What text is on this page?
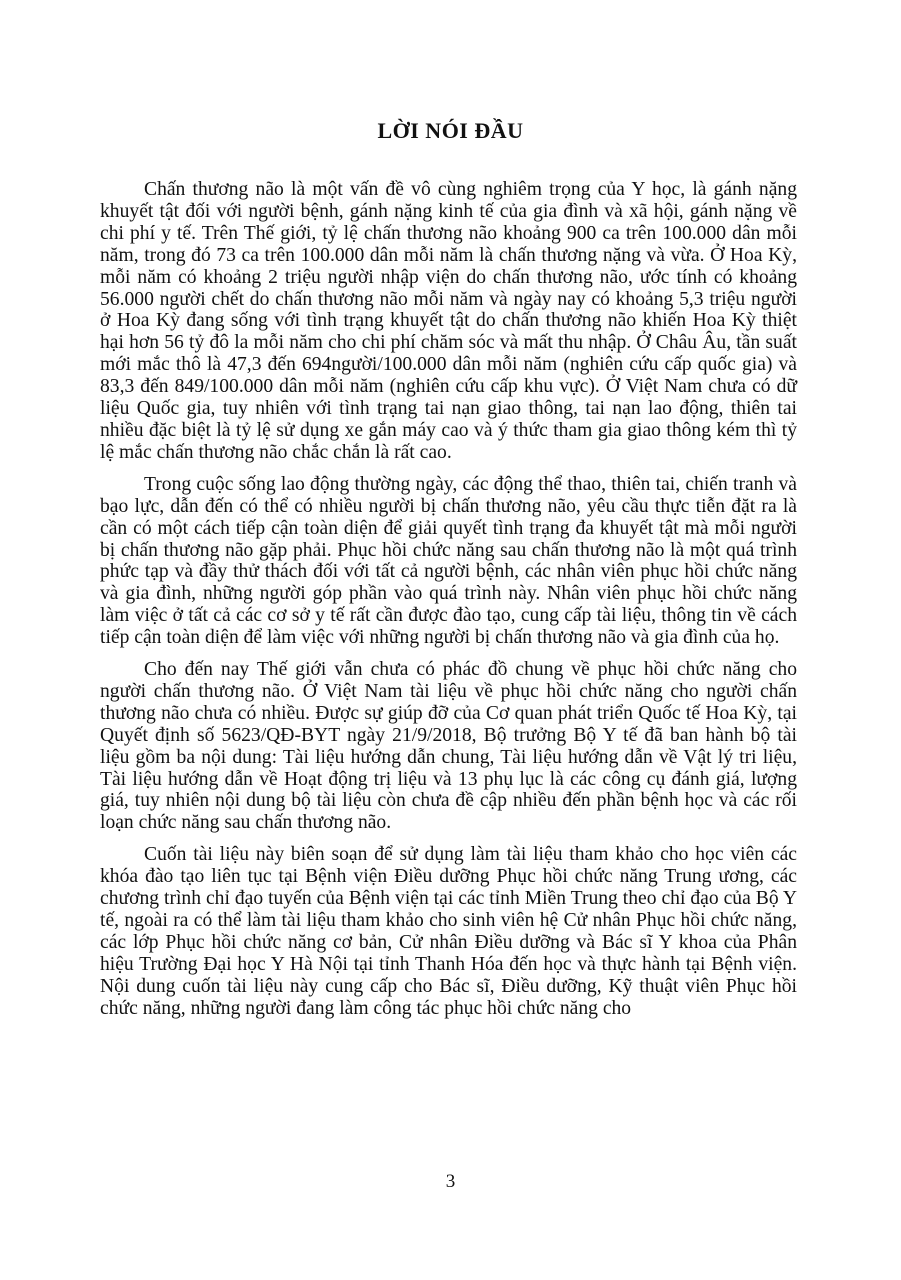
LỜI NÓI ĐẦU

Chấn thương não là một vấn đề vô cùng nghiêm trọng của Y học, là gánh nặng khuyết tật đối với người bệnh, gánh nặng kinh tế của gia đình và xã hội, gánh nặng về chi phí y tế. Trên Thế giới, tỷ lệ chấn thương não khoảng 900 ca trên 100.000 dân mỗi năm, trong đó 73 ca trên 100.000 dân mỗi năm là chấn thương nặng và vừa. Ở Hoa Kỳ, mỗi năm có khoảng 2 triệu người nhập viện do chấn thương não, ước tính có khoảng 56.000 người chết do chấn thương não mỗi năm và ngày nay có khoảng 5,3 triệu người ở Hoa Kỳ đang sống với tình trạng khuyết tật do chấn thương não khiến Hoa Kỳ thiệt hại hơn 56 tỷ đô la mỗi năm cho chi phí chăm sóc và mất thu nhập. Ở Châu Âu, tần suất mới mắc thô là 47,3 đến 694người/100.000 dân mỗi năm (nghiên cứu cấp quốc gia) và 83,3 đến 849/100.000 dân mỗi năm (nghiên cứu cấp khu vực). Ở Việt Nam chưa có dữ liệu Quốc gia, tuy nhiên với tình trạng tai nạn giao thông, tai nạn lao động, thiên tai nhiều đặc biệt là tỷ lệ sử dụng xe gắn máy cao và ý thức tham gia giao thông kém thì tỷ lệ mắc chấn thương não chắc chắn là rất cao.

Trong cuộc sống lao động thường ngày, các động thể thao, thiên tai, chiến tranh và bạo lực, dẫn đến có thể có nhiều người bị chấn thương não, yêu cầu thực tiễn đặt ra là cần có một cách tiếp cận toàn diện để giải quyết tình trạng đa khuyết tật mà mỗi người bị chấn thương não gặp phải. Phục hồi chức năng sau chấn thương não là một quá trình phức tạp và đầy thử thách đối với tất cả người bệnh, các nhân viên phục hồi chức năng và gia đình, những người góp phần vào quá trình này. Nhân viên phục hồi chức năng làm việc ở tất cả các cơ sở y tế rất cần được đào tạo, cung cấp tài liệu, thông tin về cách tiếp cận toàn diện để làm việc với những người bị chấn thương não và gia đình của họ.

Cho đến nay Thế giới vẫn chưa có phác đồ chung về phục hồi chức năng cho người chấn thương não. Ở Việt Nam tài liệu về phục hồi chức năng cho người chấn thương não chưa có nhiều. Được sự giúp đỡ của Cơ quan phát triển Quốc tế Hoa Kỳ, tại Quyết định số 5623/QĐ-BYT ngày 21/9/2018, Bộ trưởng Bộ Y tế đã ban hành bộ tài liệu gồm ba nội dung: Tài liệu hướng dẫn chung, Tài liệu hướng dẫn về Vật lý tri liệu, Tài liệu hướng dẫn về Hoạt động trị liệu và 13 phụ lục là các công cụ đánh giá, lượng giá, tuy nhiên nội dung bộ tài liệu còn chưa đề cập nhiều đến phần bệnh học và các rối loạn chức năng sau chấn thương não.

Cuốn tài liệu này biên soạn để sử dụng làm tài liệu tham khảo cho học viên các khóa đào tạo liên tục tại Bệnh viện Điều dưỡng Phục hồi chức năng Trung ương, các chương trình chỉ đạo tuyến của Bệnh viện tại các tỉnh Miền Trung theo chỉ đạo của Bộ Y tế, ngoài ra có thể làm tài liệu tham khảo cho sinh viên hệ Cử nhân Phục hồi chức năng, các lớp Phục hồi chức năng cơ bản, Cử nhân Điều dưỡng và Bác sĩ Y khoa của Phân hiệu Trường Đại học Y Hà Nội tại tỉnh Thanh Hóa đến học và thực hành tại Bệnh viện. Nội dung cuốn tài liệu này cung cấp cho Bác sĩ, Điều dưỡng, Kỹ thuật viên Phục hồi chức năng, những người đang làm công tác phục hồi chức năng cho

3
